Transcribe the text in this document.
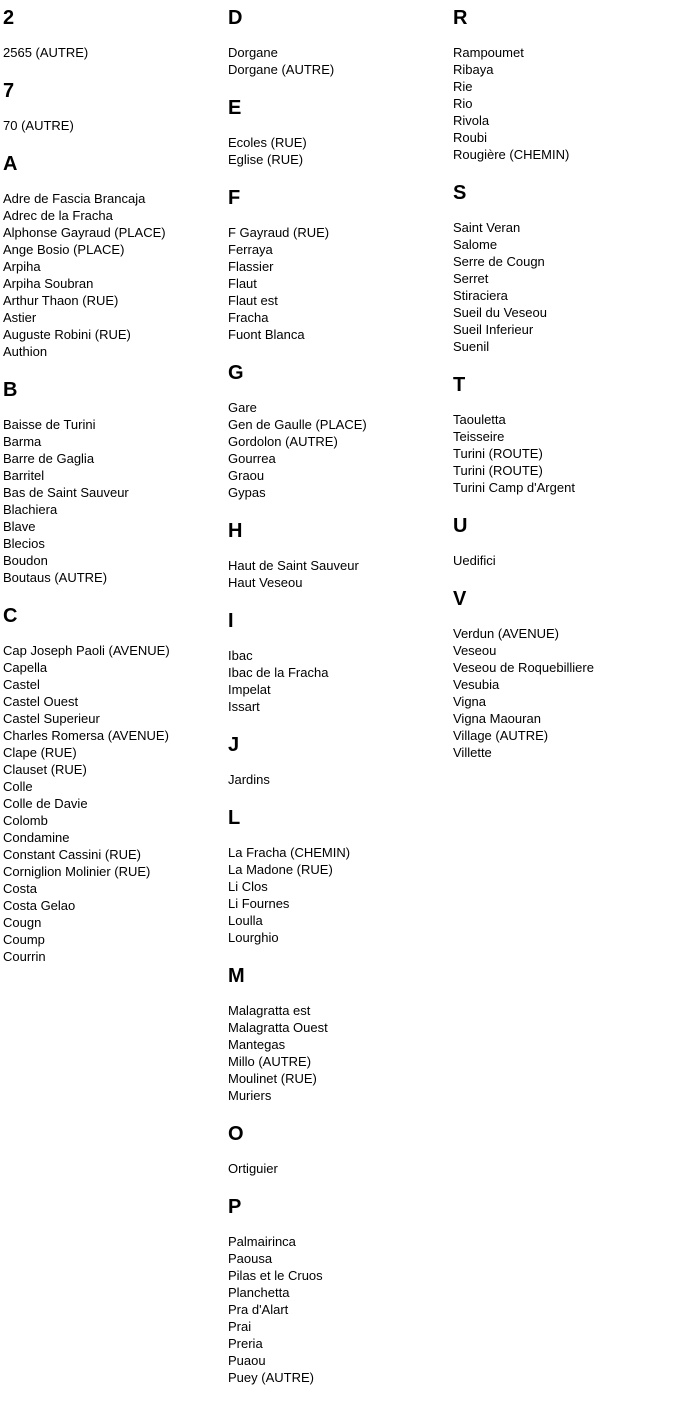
2
2565 (AUTRE)
7
70 (AUTRE)
A
Adre de Fascia Brancaja
Adrec de la Fracha
Alphonse Gayraud (PLACE)
Ange Bosio (PLACE)
Arpiha
Arpiha Soubran
Arthur Thaon (RUE)
Astier
Auguste Robini (RUE)
Authion
B
Baisse de Turini
Barma
Barre de Gaglia
Barritel
Bas de Saint Sauveur
Blachiera
Blave
Blecios
Boudon
Boutaus (AUTRE)
C
Cap Joseph Paoli (AVENUE)
Capella
Castel
Castel Ouest
Castel Superieur
Charles Romersa (AVENUE)
Clape (RUE)
Clauset (RUE)
Colle
Colle de Davie
Colomb
Condamine
Constant Cassini (RUE)
Corniglion Molinier (RUE)
Costa
Costa Gelao
Cougn
Coump
Courrin
D
Dorgane
Dorgane (AUTRE)
E
Ecoles (RUE)
Eglise (RUE)
F
F Gayraud (RUE)
Ferraya
Flassier
Flaut
Flaut est
Fracha
Fuont Blanca
G
Gare
Gen de Gaulle (PLACE)
Gordolon (AUTRE)
Gourrea
Graou
Gypas
H
Haut de Saint Sauveur
Haut Veseou
I
Ibac
Ibac de la Fracha
Impelat
Issart
J
Jardins
L
La Fracha (CHEMIN)
La Madone (RUE)
Li Clos
Li Fournes
Loulla
Lourghio
M
Malagratta est
Malagratta Ouest
Mantegas
Millo (AUTRE)
Moulinet (RUE)
Muriers
O
Ortiguier
P
Palmairinca
Paousa
Pilas et le Cruos
Planchetta
Pra d'Alart
Prai
Preria
Puaou
Puey (AUTRE)
R
Rampoumet
Ribaya
Rie
Rio
Rivola
Roubi
Rougière (CHEMIN)
S
Saint Veran
Salome
Serre de Cougn
Serret
Stiraciera
Sueil du Veseou
Sueil Inferieur
Suenil
T
Taouletta
Teisseire
Turini (ROUTE)
Turini (ROUTE)
Turini Camp d'Argent
U
Uedifici
V
Verdun (AVENUE)
Veseou
Veseou de Roquebilliere
Vesubia
Vigna
Vigna Maouran
Village (AUTRE)
Villette
